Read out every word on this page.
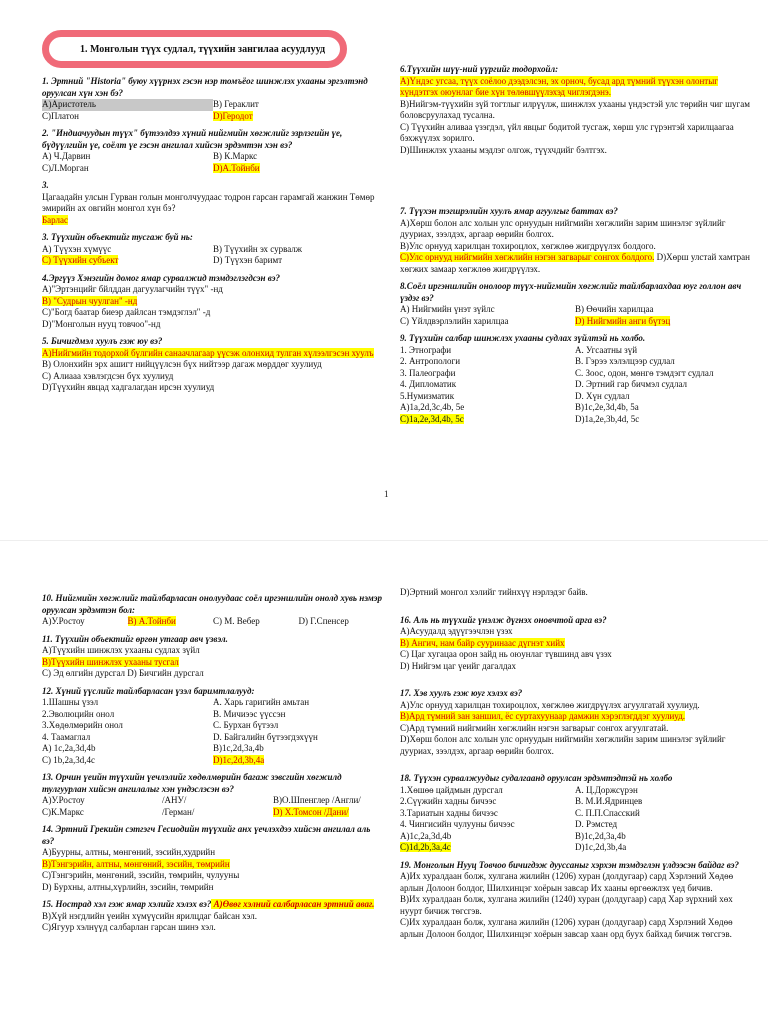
1. Монголын түүх судлал, түүхийн зангилаа асуудлууд

1. Эртний "Historia" буюу хүүрнэх гэсэн нэр томъёог шинжлэх ухааны эргэлтэнд оруулсан хүн хэн бэ?

А)Аристотель	В) Гераклит
С)Платон	D)Геродот

2. "Индиачуудын түүх" бүтээлдээ хүний нийгмийн хөгжлийг эзрлэгийн үе, бүдүүлгийн үе, соёлт үе гэсэн ангилал хийсэн эрдэмтэн хэн вэ?

А) Ч.Дарвин	В) К.Маркс
С)Л.Морган	D)А.Тойнби

3.

Цагаадайн улсын Гурван голын монголчуудаас тодрон гарсан гарамгай жанжин Төмөр эмирийн ах овгийн монгол хүн бэ?

Барлас

3. Түүхийн объектийг тусгаж буй нь:

А) Түүхэн хүмүүс	В) Түүхийн эх сурвалж
С) Түүхийн субъект	D) Түүхэн баримт

4.Эргүүз Хэнэгийн домог ямар сурвалжид тэмдэглэгдсэн вэ?

А)"Эртэнцийг бйлддан дагуулагчийн түүх" -нд

В) "Судрын чуулган" -нд

С)"Богд баатар биеэр дайлсан тэмдэглэл" -д

D)"Монголын нууц товчоо"-нд

5. Бичигдмэл хуулъ гэж юу вэ?

А)Нийгмийн тодорхой бүлгийн санаачлагаар үүсэж олонхид тулган хүлээлгэсэн хуулъ

В) Олонхийн эрх ашигт нийцүүлсэн бүх нийтээр дагаж мөрддөг хуулиуд

С) Алиааа хэвлэгдсэн бүх хуулиуд

D)Түүхийн явцад хадгалагдан ирсэн хуулиуд

6.Түүхийн шүү-ний үүргийг тодорхойл:

А)Үндэс угсаа, түүх соёлоо дээдэлсэн, эх орноч, бусад ард түмний түүхэн олонтыг хүндэтгэх оюунлаг бие хүн төлөвшүүлэхэд чиглэгдэнэ.

В)Нийгэм-түүхийн зүй тогтлыг илрүүлж, шинжлэх ухааны үндэстэй улс төрийн чиг шугам боловсруулахад тусална.

С) Түүхийн аливаа үзэгдэл, үйл явцыг бодитой тусгаж, хөрш улс гүрэнтэй харилцаагаа бэхжүүлэх зорилго.

D)Шинжлэх ухааны мэдлэг олгож, түүхчдийг бэлтгэх.

7. Түүхэн тэгшрэлийн хуулъ ямар агуулгыг баттах вэ?

А)Хөрш болон алс холын улс орнуудын нийгмийн хөгжлийн зарим шинэлэг зүйлийг дууриах, зээлдэх, аргаар өөрийн болгох.

В)Улс орнууд харилцан тохироцлох, хөгжлөө жигдрүүлэх болдого.

С)Улс орнууд нийгмийн хөгжлийн нэгэн загварыг сонгох болдого. D)Хөрш улстай хамтран хөгжих замаар хөгжлөө жигдрүүлэх.

8.Соёл иргэншлийн онолоор түүх-нийгмийн хөгжлийг тайлбарлахдаа юуг голлон авч үздэг вэ?

А) Нийгмийн үнэт зүйлс	В) Өөчийн харилцаа
С) Үйлдвэрлэлийн харилцаа	D) Нийгмийн анги бүтэц

9. Түүхийн салбар шинжлэх ухааны судлах зүйлтэй нь холбо.

1. Этнографи	А. Угсаатны зүй
2. Антропологи	В. Гэрээ хэлэлцээр судлал
3. Палеографи	С. Зоос, одон, мөнгө тэмдэгт судлал
4. Дипломатик	D. Эртний гар бичмэл судлал
5.Нумизматик	D. Хүн судлал
А)1а,2d,3с,4b, 5e	В)1с,2е,3d,4b, 5a
С)1а,2е,3d,4b, 5с	D)1a,2e,3b,4d, 5с
1

10. Нийгмийн хөгжлийг тайлбарласан онолуудаас соёл иргэншлийн онолд хувь нэмэр оруулсан эрдэмтэн бол:

А)У.Ростоу	В) А.Тойнби	С) М. Вебер	D) Г.Спенсер

11. Түүхийн объектийг өргөн утгаар авч үзвэл.

А)Түүхийн шинжлэх ухааны судлах зүйл

В)Түүхийн шинжлэх ухааны тусгал

С) Эд өлгийн дурсгал D) Бичгийн дурсгал

12. Хүний үүслийг тайлбарласан үзэл баримтлалууд:

1.Шашны үзэл	А. Харь гаригийн амьтан
2.Эволюцийн онол	В. Мичиээс үүссэн
3.Хөдөлмөрийн онол	С. Бурхан бүтээл
4. Таамаглал	D. Байгалийн бүтээгдэхүүн
А) 1с,2а,3d,4b	В)1с,2d,3а,4b
С) 1b,2а,3d,4с	D)1с,2d,3b,4a

13. Орчин үеийн түүхийн үечлэлийг хөдөлмөрийн багаж зэвсгийн хөгжилд тулгуурлан хийсэн ангилалыг хэн үндэслэсэн вэ?

А)У.Ростоу	/АНУ/	В)О.Шпенглер /Англи/
С)К.Маркс	/Герман/	D) Х.Томсон /Дани/

14. Эртний Грекийн сэтгэгч Гесиодийн түүхийг анх үечлэхдээ хийсэн ангилал аль вэ?

А)Буурны, алтны, мөнгөний, зэсийн,худрийн

В)Тэнгэрийн, алтны, мөнгөний, зэсийн, төмрийн

С)Тэнгэрийн, мөнгөний, зэсийн, төмрийн, чулууны

D) Бурхны, алтны,хүрлийн, зэсийн, төмрийн

15. Нострад хэл гэж ямар хэлийг хэлэх вэ? А)Өвөг хэлний салбарласан эртний аваг.

В)Хүй нэгдлийн үеийн хүмүүсийн ярилцдаг байсан хэл.

С)Ягуур хэлнүүд салбарлан гарсан шинэ хэл.

D)Эртний монгол хэлийг тийнхүү нэрлэдэг байв.

16. Аль нь түүхийг үнэлж дүгнэх оновчтой арга вэ?

А)Асуудалд эдүүгээчлэн үзэх

В) Ангич, нам байр сууринаас дүгнэт хийх

С) Цаг хугацаа орон зайд нь оюунлаг түвшинд авч үзэх

D) Нийгэм цаг үеийг дагалдах

17. Хэв хуулъ гэж юуг хэлэх вэ?

А)Улс орнууд харилцан тохироцлох, хөгжлөө жигдрүүлэх агуулгатай хуулиуд.

В)Ард түмний зан заншил, ёс суртахуунаар дамжин хэрэглэгддэг хуулиуд.

С)Ард түмний нийгмийн хөгжлийн нэгэн загварыг сонгох агуулгатай.

D)Хөрш болон алс холын улс орнуудын нийгмийн хөгжлийн зарим шинэлэг зүйлийг дууриах, зээлдэх, аргаар өөрийн болгох.

18. Түүхэн сурвалжуудыг судалгаанд оруулсан эрдэмтэдтэй нь холбо

1.Хөшөө цайдмын дурсгал	А. Ц.Доржсүрэн
2.Сүүжийн хадны бичээс	В. М.И.Ядринцев
3.Тариатын хадны бичээс	С. П.П.Спасский
4. Чингисийн чулууны бичээс	D. Рэмстед
А)1с,2а,3d,4b	В)1с,2d,3а,4b
С)1d,2b,3а,4с	D)1с,2d,3b,4a

19. Монголын Нууц Товчоо бичигдэж дууссаныг хэрхэн тэмдэглэн үлдээсэн байдаг вэ?

А)Их хуралдаан болж, хулгана жилийн (1206) хуран (долдугаар) сард Хэрлэний Хөдөө арлын Долоон болдог, Шилхинцэг хоёрын завсар Их хааны өргөөжлэх үед бичив.

В)Их хуралдаан болж, хулгана жилийн (1240) хуран (долдугаар) сард Хар зүрхний хөх нуурт бичиж төгсгэв.

С)Их хуралдаан болж, хулгана жилийн (1206) хуран (долдугаар) сард Хэрлэний Хөдөө арлын Долоон болдог, Шилхинцэг хоёрын завсар хаан орд буух байхад бичиж төгсгэв.
